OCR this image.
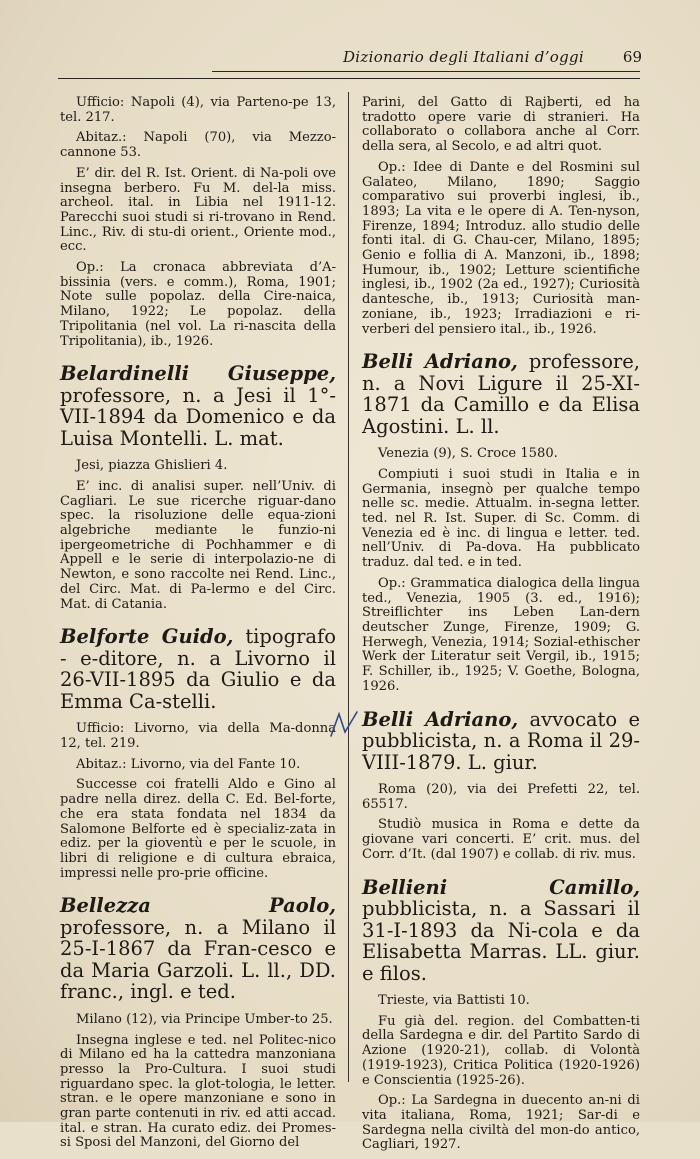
Dizionario degli Italiani d’oggi	69

Ufficio: Napoli (4), via Parteno-pe 13, tel. 217.

Abitaz.: Napoli (70), via Mezzo-cannone 53.

E’ dir. del R. Ist. Orient. di Na-poli ove insegna berbero. Fu M. del-la miss. archeol. ital. in Libia nel 1911-12. Parecchi suoi studi si ri-trovano in Rend. Linc., Riv. di stu-di orient., Oriente mod., ecc.

Op.: La cronaca abbreviata d’A-bissinia (vers. e comm.), Roma, 1901; Note sulle popolaz. della Cire-naica, Milano, 1922; Le popolaz. della Tripolitania (nel vol. La ri-nascita della Tripolitania), ib., 1926.

Belardinelli Giuseppe, professore, n. a Jesi il 1°-VII-1894 da Domenico e da Luisa Montelli. L. mat.

Jesi, piazza Ghislieri 4.

E’ inc. di analisi super. nell’Univ. di Cagliari. Le sue ricerche riguar-dano spec. la risoluzione delle equa-zioni algebriche mediante le funzio-ni ipergeometriche di Pochhammer e di Appell e le serie di interpolazio-ne di Newton, e sono raccolte nei Rend. Linc., del Circ. Mat. di Pa-lermo e del Circ. Mat. di Catania.

Belforte Guido, tipografo - e-ditore, n. a Livorno il 26-VII-1895 da Giulio e da Emma Ca-stelli.

Ufficio: Livorno, via della Ma-donna 12, tel. 219.

Abitaz.: Livorno, via del Fante 10.

Successe coi fratelli Aldo e Gino al padre nella direz. della C. Ed. Bel-forte, che era stata fondata nel 1834 da Salomone Belforte ed è specializ-zata in ediz. per la gioventù e per le scuole, in libri di religione e di cultura ebraica, impressi nelle pro-prie officine.

Bellezza Paolo, professore, n. a Milano il 25-I-1867 da Fran-cesco e da Maria Garzoli. L. ll., DD. franc., ingl. e ted.

Milano (12), via Principe Umber-to 25.

Insegna inglese e ted. nel Politec-nico di Milano ed ha la cattedra manzoniana presso la Pro-Cultura. I suoi studi riguardano spec. la glot-tologia, le letter. stran. e le opere manzoniane e sono in gran parte contenuti in riv. ed atti accad. ital. e stran. Ha curato ediz. dei Promes-si Sposi del Manzoni, del Giorno del

Parini, del Gatto di Rajberti, ed ha tradotto opere varie di stranieri. Ha collaborato o collabora anche al Corr. della sera, al Secolo, e ad altri quot.

Op.: Idee di Dante e del Rosmini sul Galateo, Milano, 1890; Saggio comparativo sui proverbi inglesi, ib., 1893; La vita e le opere di A. Ten-nyson, Firenze, 1894; Introduz. allo studio delle fonti ital. di G. Chau-cer, Milano, 1895; Genio e follia di A. Manzoni, ib., 1898; Humour, ib., 1902; Letture scientifiche inglesi, ib., 1902 (2a ed., 1927); Curiosità dantesche, ib., 1913; Curiosità man-zoniane, ib., 1923; Irradiazioni e ri-verberi del pensiero ital., ib., 1926.

Belli Adriano, professore, n. a Novi Ligure il 25-XI-1871 da Camillo e da Elisa Agostini. L. ll.

Venezia (9), S. Croce 1580.

Compiuti i suoi studi in Italia e in Germania, insegnò per qualche tempo nelle sc. medie. Attualm. in-segna letter. ted. nel R. Ist. Super. di Sc. Comm. di Venezia ed è inc. di lingua e letter. ted. nell’Univ. di Pa-dova. Ha pubblicato traduz. dal ted. e in ted.

Op.: Grammatica dialogica della lingua ted., Venezia, 1905 (3. ed., 1916); Streiflichter ins Leben Lan-dern deutscher Zunge, Firenze, 1909; G. Herwegh, Venezia, 1914; Sozial-ethischer Werk der Literatur seit Vergil, ib., 1915; F. Schiller, ib., 1925; V. Goethe, Bologna, 1926.

Belli Adriano, avvocato e pubblicista, n. a Roma il 29-VIII-1879. L. giur.

Roma (20), via dei Prefetti 22, tel. 65517.

Studiò musica in Roma e dette da giovane vari concerti. E’ crit. mus. del Corr. d’It. (dal 1907) e collab. di riv. mus.

Bellieni Camillo, pubblicista, n. a Sassari il 31-I-1893 da Ni-cola e da Elisabetta Marras. LL. giur. e filos.

Trieste, via Battisti 10.

Fu già del. region. del Combatten-ti della Sardegna e dir. del Partito Sardo di Azione (1920-21), collab. di Volontà (1919-1923), Critica Politica (1920-1926) e Conscientia (1925-26).

Op.: La Sardegna in duecento an-ni di vita italiana, Roma, 1921; Sar-di e Sardegna nella civiltà del mon-do antico, Cagliari, 1927.
